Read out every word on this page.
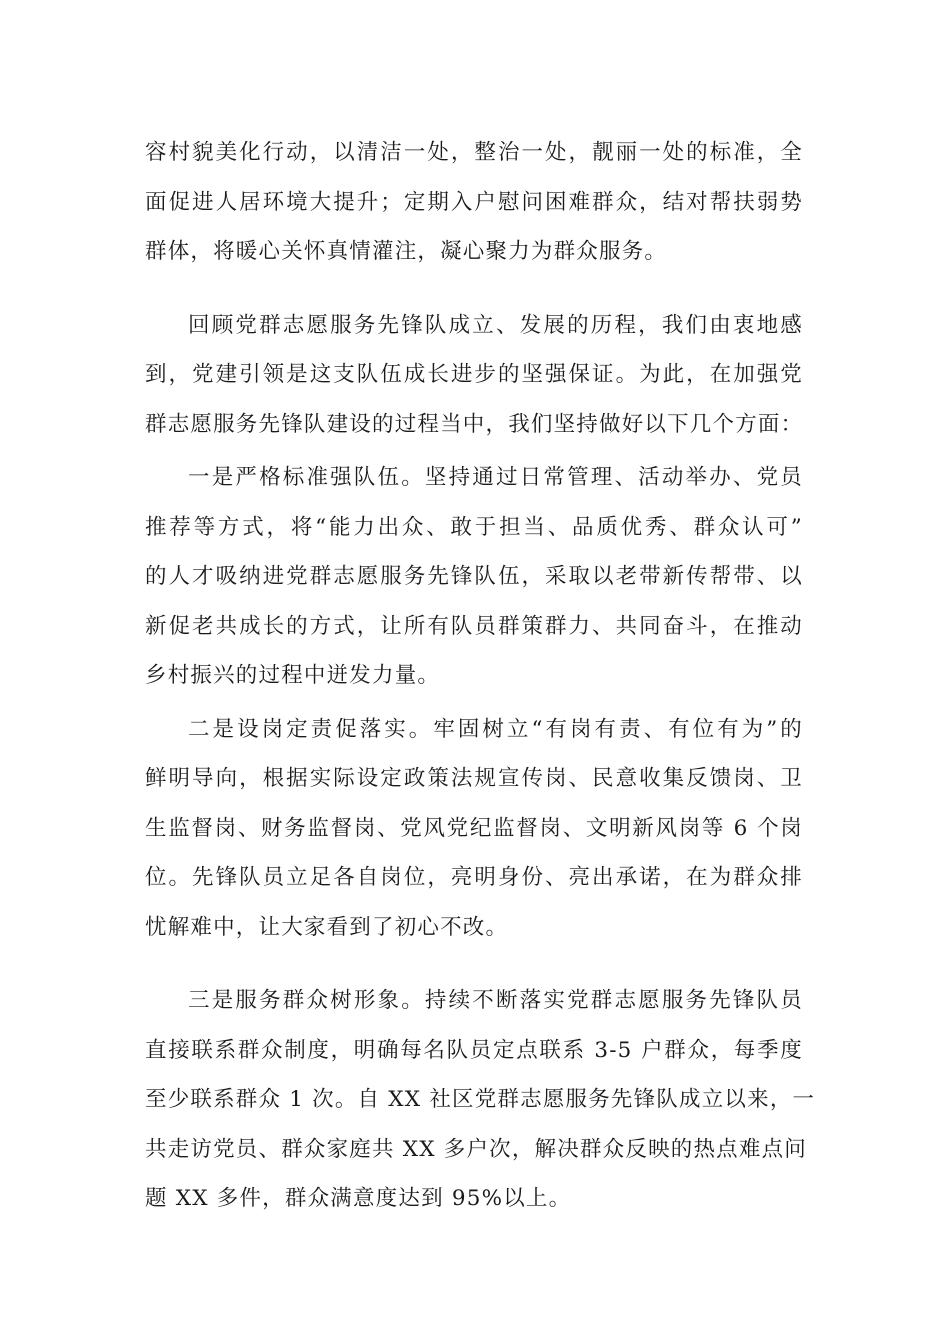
容村貌美化行动，以清洁一处，整治一处，靓丽一处的标准，全
面促进人居环境大提升；定期入户慰问困难群众，结对帮扶弱势
群体，将暖心关怀真情灌注，凝心聚力为群众服务。

回顾党群志愿服务先锋队成立、发展的历程，我们由衷地感
到，党建引领是这支队伍成长进步的坚强保证。为此，在加强党
群志愿服务先锋队建设的过程当中，我们坚持做好以下几个方面：

一是严格标准强队伍。坚持通过日常管理、活动举办、党员
推荐等方式，将“能力出众、敢于担当、品质优秀、群众认可”
的人才吸纳进党群志愿服务先锋队伍，采取以老带新传帮带、以
新促老共成长的方式，让所有队员群策群力、共同奋斗，在推动
乡村振兴的过程中迸发力量。

二是设岗定责促落实。牢固树立“有岗有责、有位有为”的
鲜明导向，根据实际设定政策法规宣传岗、民意收集反馈岗、卫
生监督岗、财务监督岗、党风党纪监督岗、文明新风岗等 6 个岗
位。先锋队员立足各自岗位，亮明身份、亮出承诺，在为群众排
忧解难中，让大家看到了初心不改。

三是服务群众树形象。持续不断落实党群志愿服务先锋队员
直接联系群众制度，明确每名队员定点联系 3-5 户群众，每季度
至少联系群众 1 次。自 XX 社区党群志愿服务先锋队成立以来，一
共走访党员、群众家庭共 XX 多户次，解决群众反映的热点难点问
题 XX 多件，群众满意度达到 95%以上。
